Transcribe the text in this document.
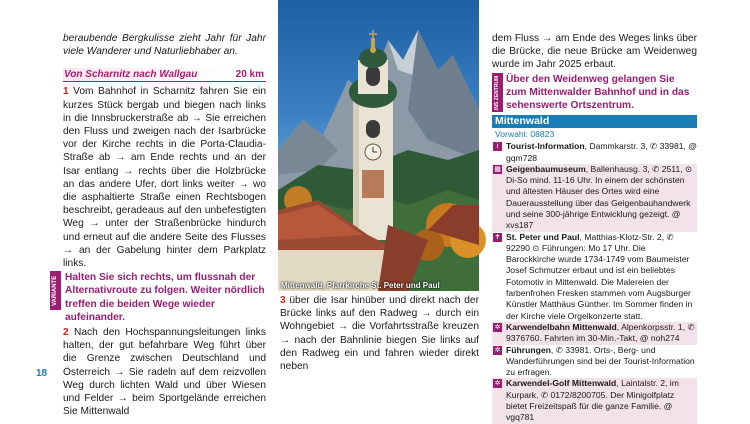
beraubende Bergkulisse zieht Jahr für Jahr viele Wanderer und Naturliebhaber an.

Von Scharnitz nach Wallgau	20 km

1 Vom Bahnhof in Scharnitz fahren Sie ein kurzes Stück bergab und biegen nach links in die Innsbruckerstraße ab → Sie erreichen den Fluss und zweigen nach der Isarbrücke vor der Kirche rechts in die Porta-Claudia-Straße ab → am Ende rechts und an der Isar entlang → rechts über die Holzbrücke an das andere Ufer, dort links weiter → wo die asphaltierte Straße einen Rechtsbogen beschreibt, geradeaus auf den unbefestigten Weg → unter der Straßenbrücke hindurch und erneut auf die andere Seite des Flusses → an der Gabelung hinter dem Parkplatz links.

VARIANTE Halten Sie sich rechts, um flussnah der Alternativroute zu folgen. Weiter nördlich treffen die beiden Wege wieder aufeinander.

2 Nach den Hochspannungsleitungen links halten, der gut befahrbare Weg führt über die Grenze zwischen Deutschland und Österreich → Sie radeln auf dem reizvollen Weg durch lichten Wald und über Wiesen und Felder → beim Sportgelände erreichen Sie Mittenwald

18
Mittenwald, Pfarrkirche St. Peter und Paul

3 über die Isar hinüber und direkt nach der Brücke links auf den Radweg → durch ein Wohngebiet → die Vorfahrtsstraße kreuzen → nach der Bahnlinie biegen Sie links auf den Radweg ein und fahren wieder direkt neben

dem Fluss → am Ende des Weges links über die Brücke, die neue Brücke am Weidenweg wurde im Jahr 2025 erbaut.

INS ZENTRUM Über den Weidenweg gelangen Sie zum Mittenwalder Bahnhof und in das sehenswerte Ortszentrum.
Mittenwald
Vorwahl: 08823
i Tourist-Information, Dammkarstr. 3, ✆ 33981, @ gqm728
▦ Geigenbaumuseum, Ballenhausg. 3, ✆ 2511, ⊙ Di-So mind. 11-16 Uhr. In einem der schönsten und ältesten Häuser des Ortes wird eine Dauerausstellung über das Geigenbauhandwerk und seine 300-jährige Entwicklung gezeigt. @ xvs187
✝ St. Peter und Paul, Matthias-Klotz-Str. 2, ✆ 92290 ⊙ Führungen: Mo 17 Uhr. Die Barockkirche wurde 1734-1749 vom Baumeister Josef Schmutzer erbaut und ist ein beliebtes Fotomotiv in Mittenwald. Die Malereien der farbenfrohen Fresken stammen vom Augsburger Künstler Matthäus Günther. Im Sommer finden in der Kirche viele Orgelkonzerte statt.
✲ Karwendelbahn Mittenwald, Alpenkorpsstr. 1, ✆ 9376760. Fahrten im 30-Min.-Takt, @ noh274
✲ Führungen, ✆ 33981. Orts-, Berg- und Wanderführungen sind bei der Tourist-Information zu erfragen.
✲ Karwendel-Golf Mittenwald, Laintalstr. 2, im Kurpark, ✆ 0172/8200705. Der Minigolfplatz bietet Freizeitspaß für die ganze Familie. @ vgq781
